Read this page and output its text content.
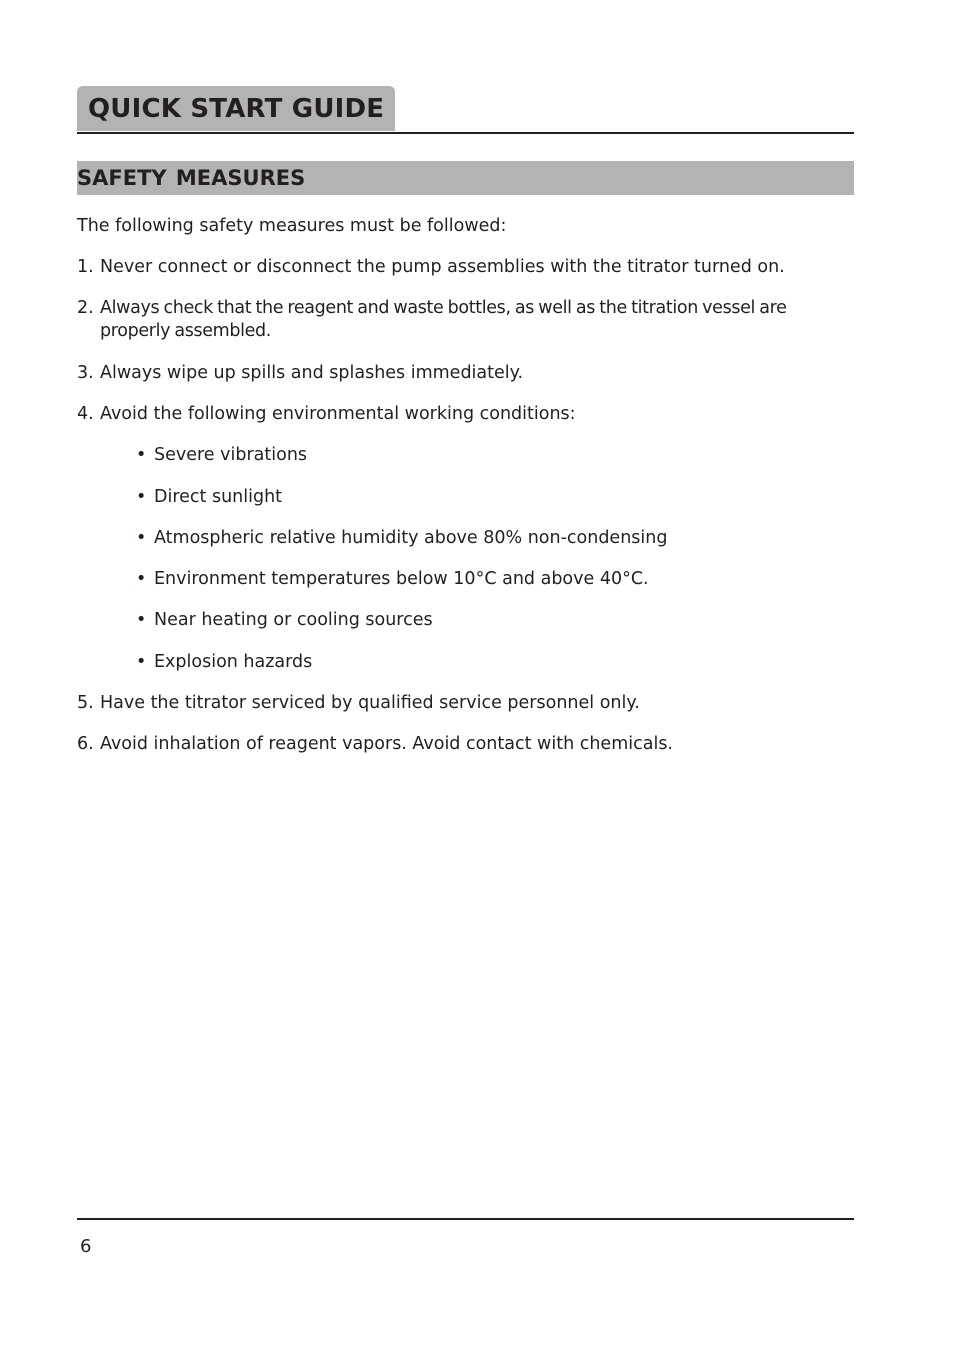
QUICK START GUIDE
SAFETY MEASURES
The following safety measures must be followed:
1. Never connect or disconnect the pump assemblies with the titrator turned on.
2. Always check that the reagent and waste bottles, as well as the titration vessel are properly assembled.
3. Always wipe up spills and splashes immediately.
4. Avoid the following environmental working conditions:
• Severe vibrations
• Direct sunlight
• Atmospheric relative humidity above 80% non-condensing
• Environment temperatures below 10°C and above 40°C.
• Near heating or cooling sources
• Explosion hazards
5. Have the titrator serviced by qualified service personnel only.
6. Avoid inhalation of reagent vapors. Avoid contact with chemicals.
6
